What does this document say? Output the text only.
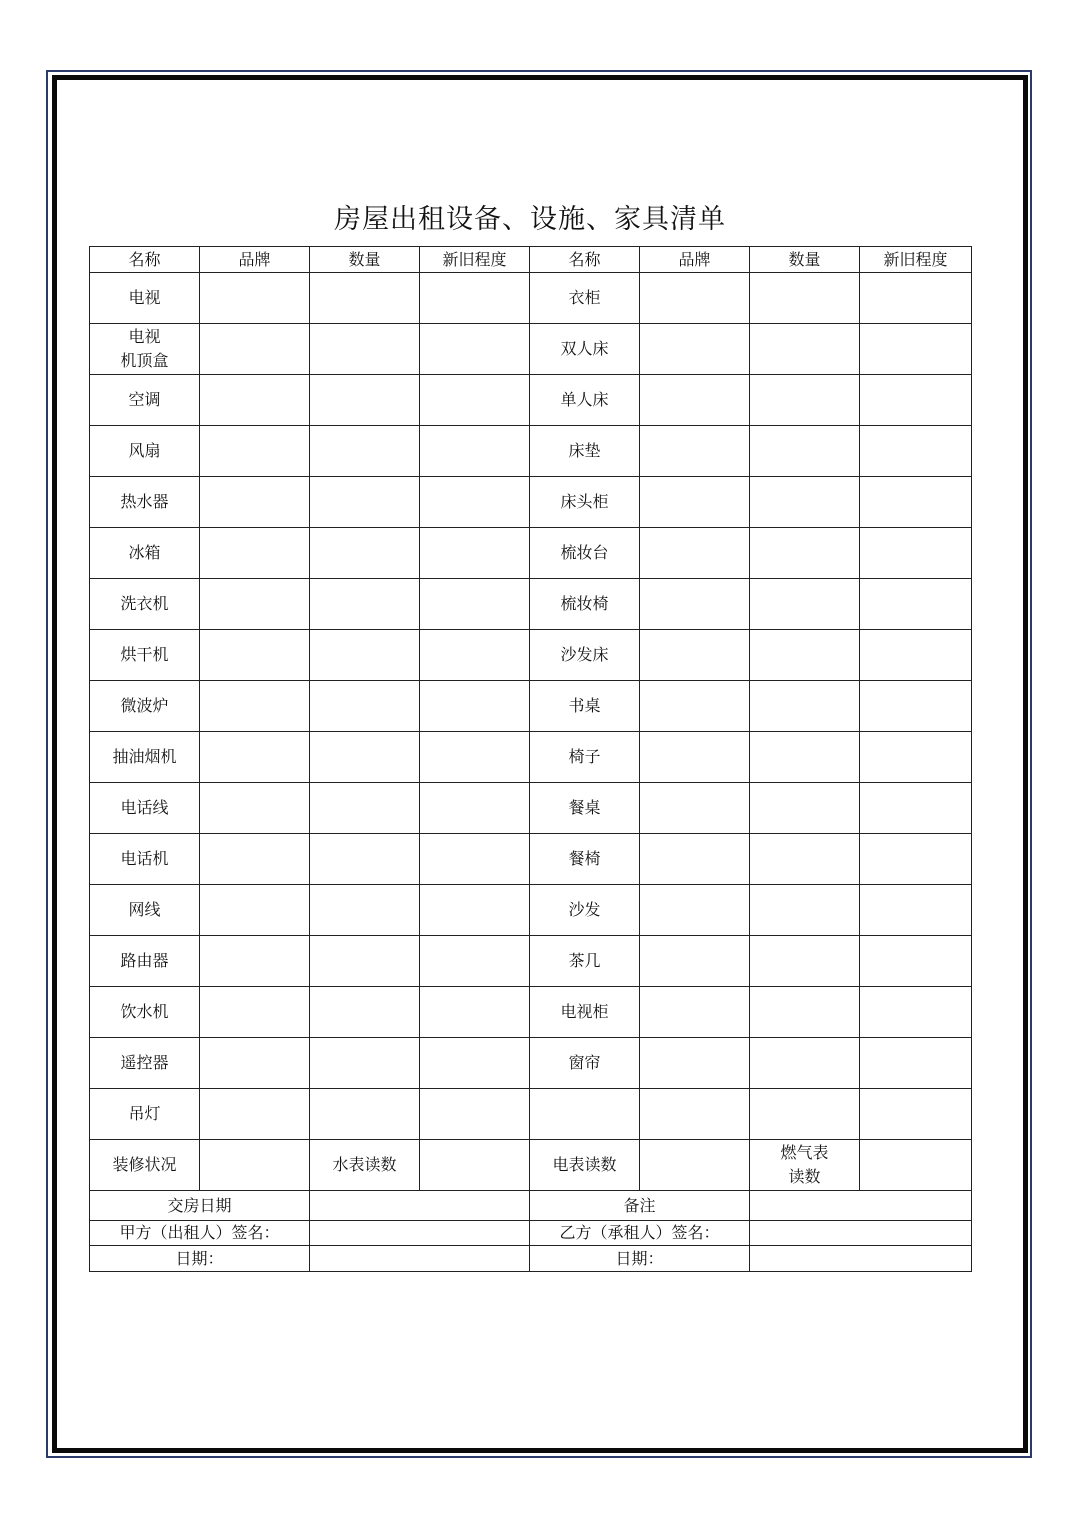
房屋出租设备、设施、家具清单
名称	品牌	数量	新旧程度	名称	品牌	数量	新旧程度
电视				衣柜			

电视
机顶盒				双人床			
空调				单人床			
风扇				床垫			
热水器				床头柜			
冰箱				梳妆台			
洗衣机				梳妆椅			
烘干机				沙发床			
微波炉				书桌			
抽油烟机				椅子			
电话线				餐桌			
电话机				餐椅			
网线				沙发			
路由器				茶几			
饮水机				电视柜			
遥控器				窗帘			
吊灯							
装修状况		水表读数		电表读数		燃气表
读数	

交房日期				备注			
甲方（出租人）签名：				乙方（承租人）签名：			
日期：				日期：			
